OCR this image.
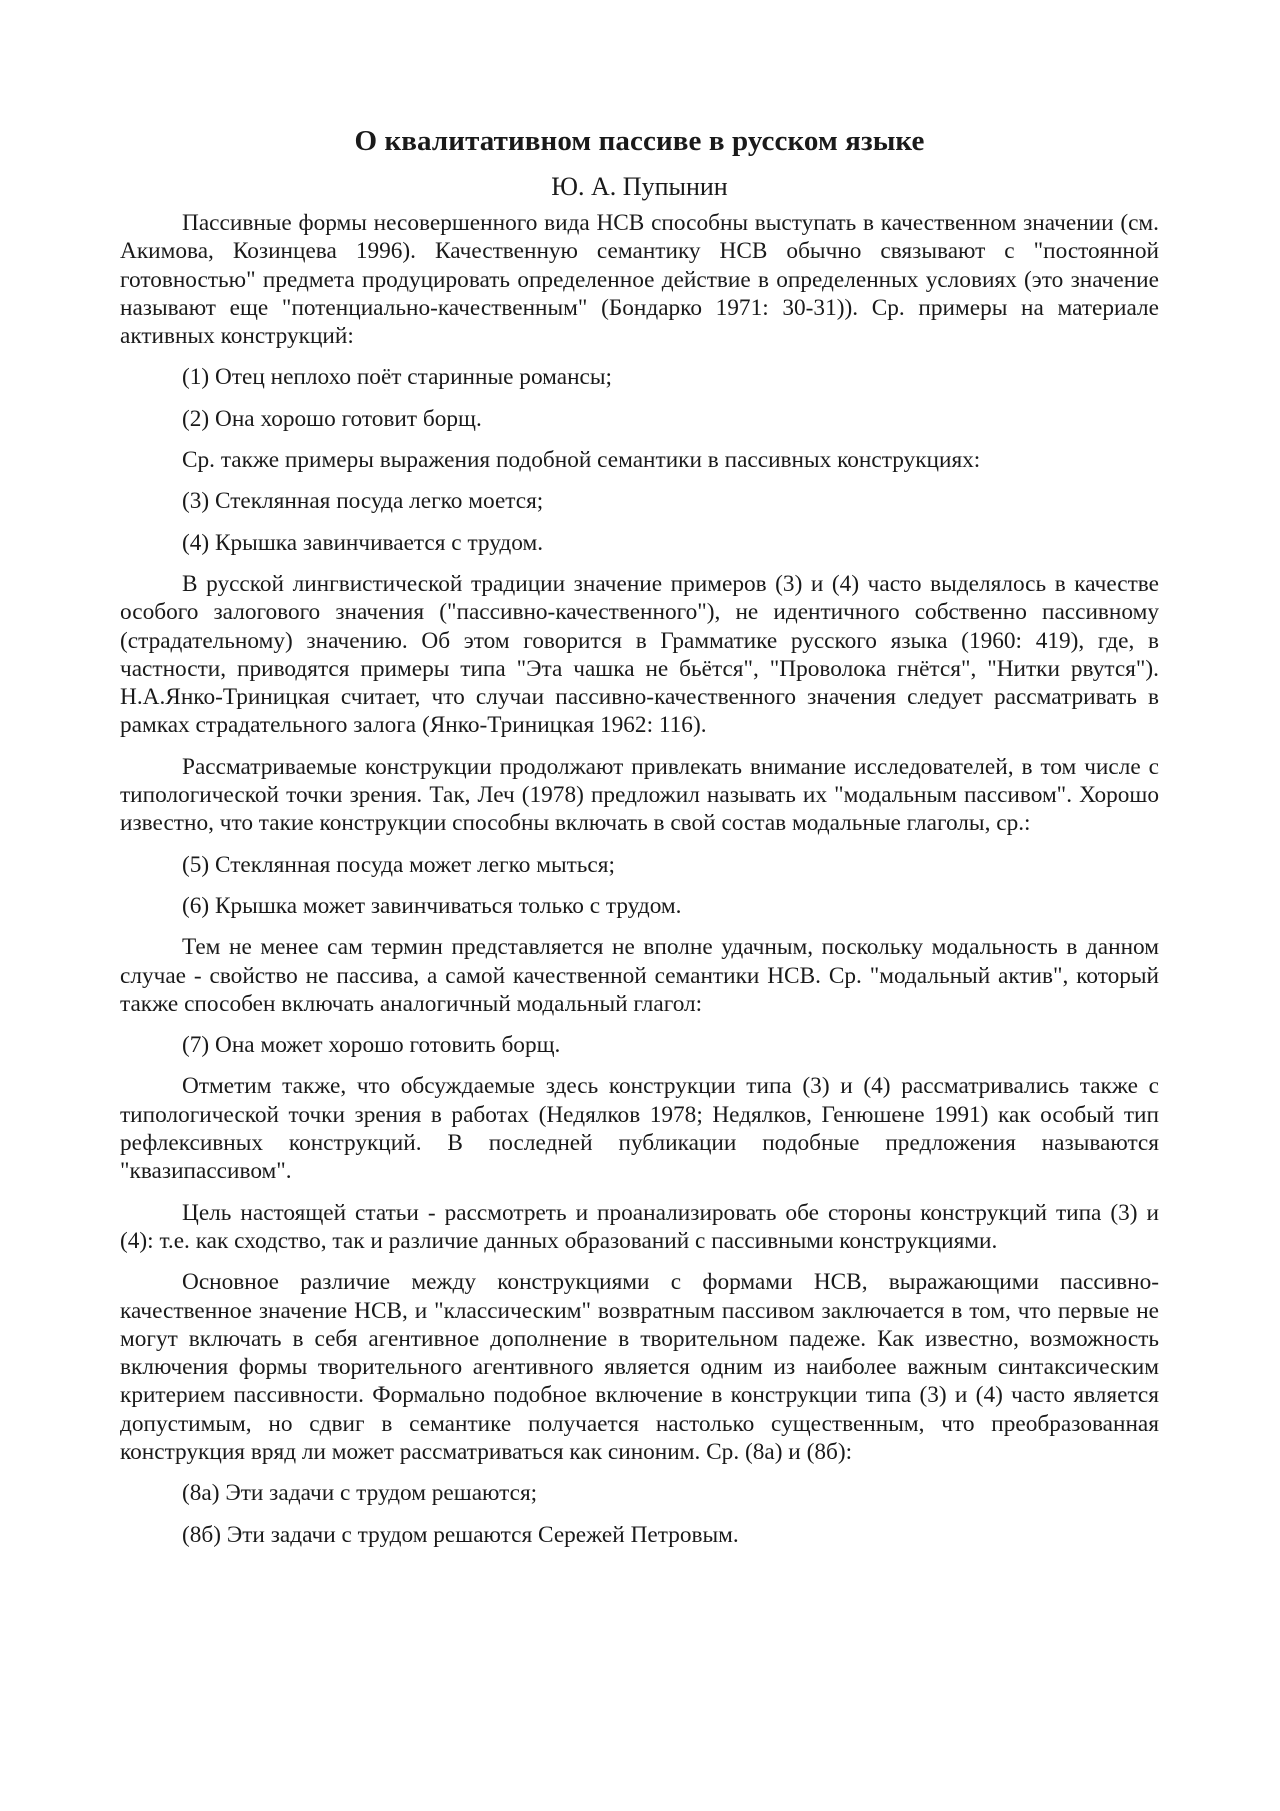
О квалитативном пассиве в русском языке
Ю. А. Пупынин
Пассивные формы несовершенного вида НСВ способны выступать в качественном значении (см. Акимова, Козинцева 1996). Качественную семантику НСВ обычно связывают с "постоянной готовностью" предмета продуцировать определенное действие в определенных условиях (это значение называют еще "потенциально-качественным" (Бондарко 1971: 30-31)). Ср. примеры на материале активных конструкций:
(1) Отец неплохо поёт старинные романсы;
(2) Она хорошо готовит борщ.
Ср. также примеры выражения подобной семантики в пассивных конструкциях:
(3) Стеклянная посуда легко моется;
(4) Крышка завинчивается с трудом.
В русской лингвистической традиции значение примеров (3) и (4) часто выделялось в качестве особого залогового значения ("пассивно-качественного"), не идентичного собственно пассивному (страдательному) значению. Об этом говорится в Грамматике русского языка (1960: 419), где, в частности, приводятся примеры типа "Эта чашка не бьётся", "Проволока гнётся", "Нитки рвутся"). Н.А.Янко-Триницкая считает, что случаи пассивно-качественного значения следует рассматривать в рамках страдательного залога (Янко-Триницкая 1962: 116).
Рассматриваемые конструкции продолжают привлекать внимание исследователей, в том числе с типологической точки зрения. Так, Леч (1978) предложил называть их "модальным пассивом". Хорошо известно, что такие конструкции способны включать в свой состав модальные глаголы, ср.:
(5) Стеклянная посуда может легко мыться;
(6) Крышка может завинчиваться только с трудом.
Тем не менее сам термин представляется не вполне удачным, поскольку модальность в данном случае - свойство не пассива, а самой качественной семантики НСВ. Ср. "модальный актив", который также способен включать аналогичный модальный глагол:
(7) Она может хорошо готовить борщ.
Отметим также, что обсуждаемые здесь конструкции типа (3) и (4) рассматривались также с типологической точки зрения в работах (Недялков 1978; Недялков, Генюшене 1991) как особый тип рефлексивных конструкций. В последней публикации подобные предложения называются "квазипассивом".
Цель настоящей статьи - рассмотреть и проанализировать обе стороны конструкций типа (3) и (4): т.е. как сходство, так и различие данных образований с пассивными конструкциями.
Основное различие между конструкциями с формами НСВ, выражающими пассивно-качественное значение НСВ, и "классическим" возвратным пассивом заключается в том, что первые не могут включать в себя агентивное дополнение в творительном падеже. Как известно, возможность включения формы творительного агентивного является одним из наиболее важным синтаксическим критерием пассивности. Формально подобное включение в конструкции типа (3) и (4) часто является допустимым, но сдвиг в семантике получается настолько существенным, что преобразованная конструкция вряд ли может рассматриваться как синоним. Ср. (8а) и (8б):
(8а) Эти задачи с трудом решаются;
(8б) Эти задачи с трудом решаются Сережей Петровым.
